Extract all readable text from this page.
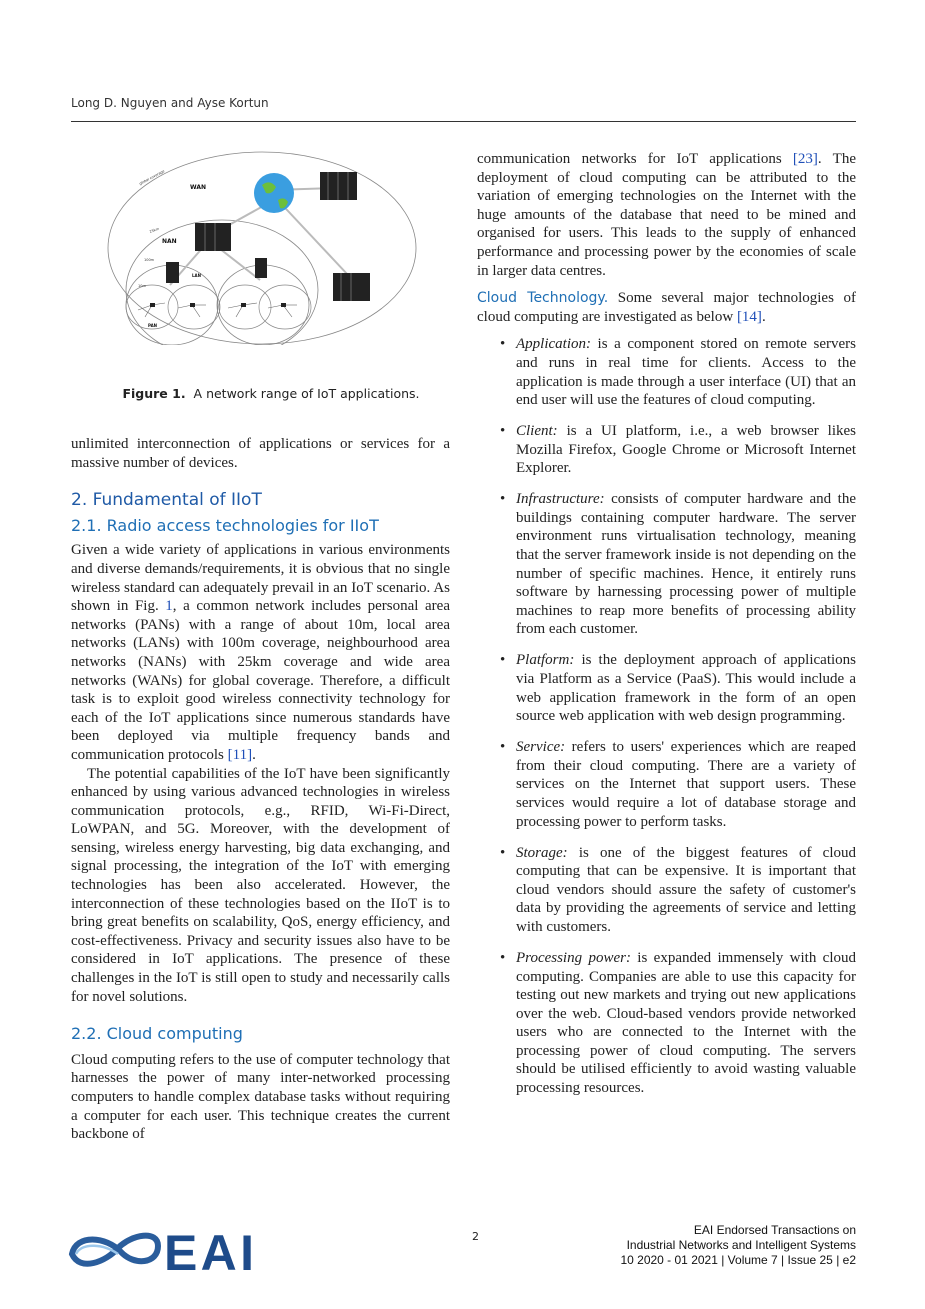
Long D. Nguyen and Ayse Kortun
WAN
NAN
LAN
PAN
global coverage
25km
100m
10m
Figure 1. A network range of IoT applications.

unlimited interconnection of applications or services for a massive number of devices.

2. Fundamental of IIoT
2.1. Radio access technologies for IIoT

Given a wide variety of applications in various environments and diverse demands/requirements, it is obvious that no single wireless standard can adequately prevail in an IoT scenario. As shown in Fig. 1, a common network includes personal area networks (PANs) with a range of about 10m, local area networks (LANs) with 100m coverage, neighbourhood area networks (NANs) with 25km coverage and wide area networks (WANs) for global coverage. Therefore, a difficult task is to exploit good wireless connectivity technology for each of the IoT applications since numerous standards have been deployed via multiple frequency bands and communication protocols [11].

The potential capabilities of the IoT have been significantly enhanced by using various advanced technologies in wireless communication protocols, e.g., RFID, Wi-Fi-Direct, LoWPAN, and 5G. Moreover, with the development of sensing, wireless energy harvesting, big data exchanging, and signal processing, the integration of the IoT with emerging technologies has been also accelerated. However, the interconnection of these technologies based on the IIoT is to bring great benefits on scalability, QoS, energy efficiency, and cost-effectiveness. Privacy and security issues also have to be considered in IoT applications. The presence of these challenges in the IoT is still open to study and necessarily calls for novel solutions.

2.2. Cloud computing

Cloud computing refers to the use of computer technology that harnesses the power of many inter-networked processing computers to handle complex database tasks without requiring a computer for each user. This technique creates the current backbone of

communication networks for IoT applications [23]. The deployment of cloud computing can be attributed to the variation of emerging technologies on the Internet with the huge amounts of the database that need to be mined and organised for users. This leads to the supply of enhanced performance and processing power by the economies of scale in larger data centres.

Cloud Technology. Some several major technologies of cloud computing are investigated as below [14].

• Application: is a component stored on remote servers and runs in real time for clients. Access to the application is made through a user interface (UI) that an end user will use the features of cloud computing.
• Client: is a UI platform, i.e., a web browser likes Mozilla Firefox, Google Chrome or Microsoft Internet Explorer.
• Infrastructure: consists of computer hardware and the buildings containing computer hardware. The server environment runs virtualisation technology, meaning that the server framework inside is not depending on the number of specific machines. Hence, it entirely runs software by harnessing processing power of multiple machines to reap more benefits of processing ability from each customer.
• Platform: is the deployment approach of applications via Platform as a Service (PaaS). This would include a web application framework in the form of an open source web application with web design programming.
• Service: refers to users' experiences which are reaped from their cloud computing. There are a variety of services on the Internet that support users. These services would require a lot of database storage and processing power to perform tasks.
• Storage: is one of the biggest features of cloud computing that can be expensive. It is important that cloud vendors should assure the safety of customer's data by providing the agreements of service and letting with customers.
• Processing power: is expanded immensely with cloud computing. Companies are able to use this capacity for testing out new markets and trying out new applications over the web. Cloud-based vendors provide networked users who are connected to the Internet with the processing power of cloud computing. The servers should be utilised efficiently to avoid wasting valuable processing resources.
EAI	2	EAI Endorsed Transactions on
Industrial Networks and Intelligent Systems
10 2020 - 01 2021 | Volume 7 | Issue 25 | e2
